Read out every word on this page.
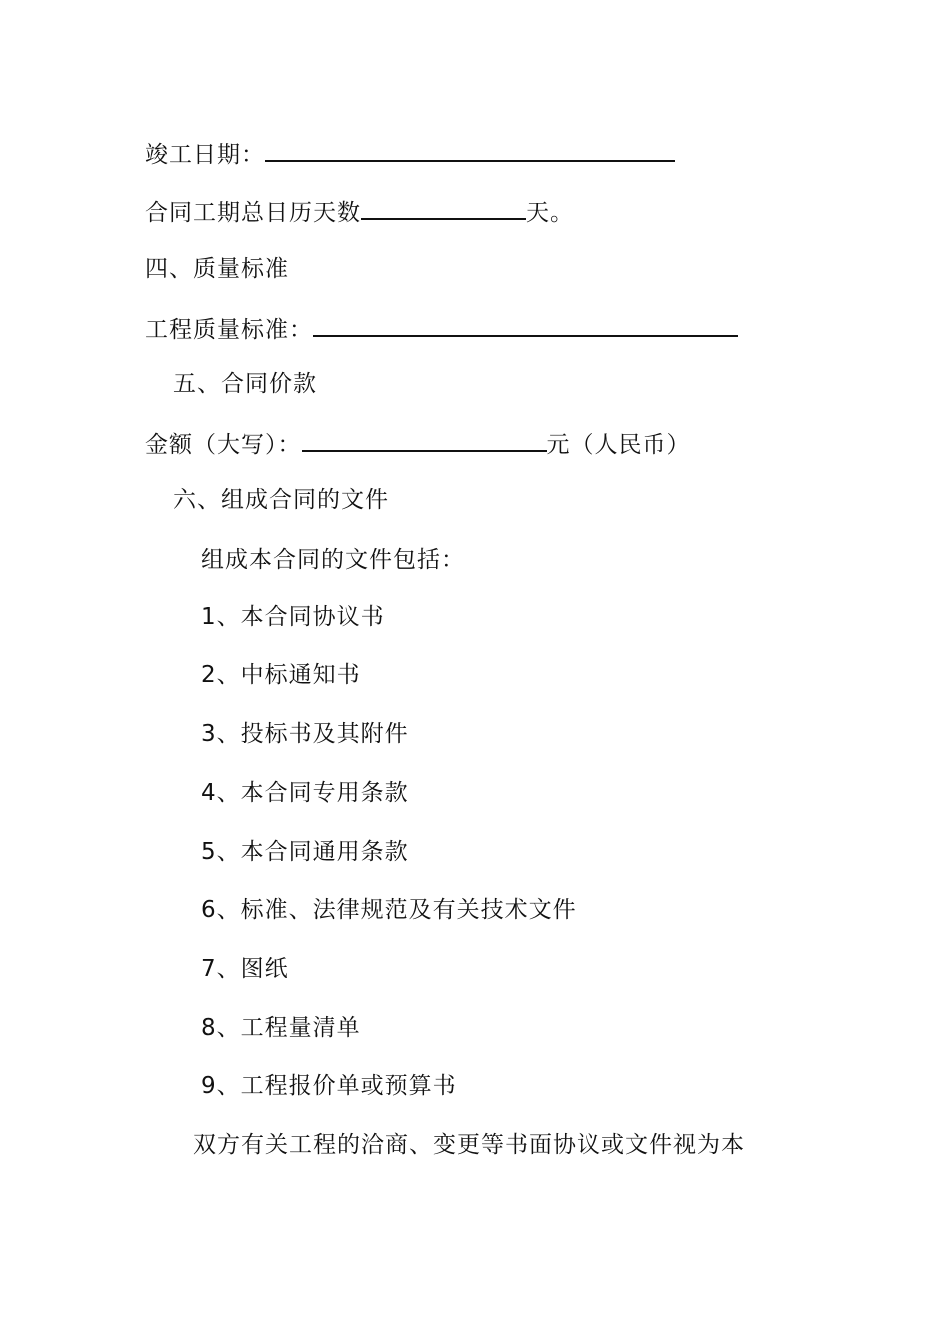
竣工日期：
合同工期总日历天数	天。
四、质量标准
工程质量标准：
五、合同价款
金额（大写）：	元（人民币）
六、组成合同的文件
组成本合同的文件包括：
1、本合同协议书
2、中标通知书
3、投标书及其附件
4、本合同专用条款
5、本合同通用条款
6、标准、法律规范及有关技术文件
7、图纸
8、工程量清单
9、工程报价单或预算书
双方有关工程的洽商、变更等书面协议或文件视为本
